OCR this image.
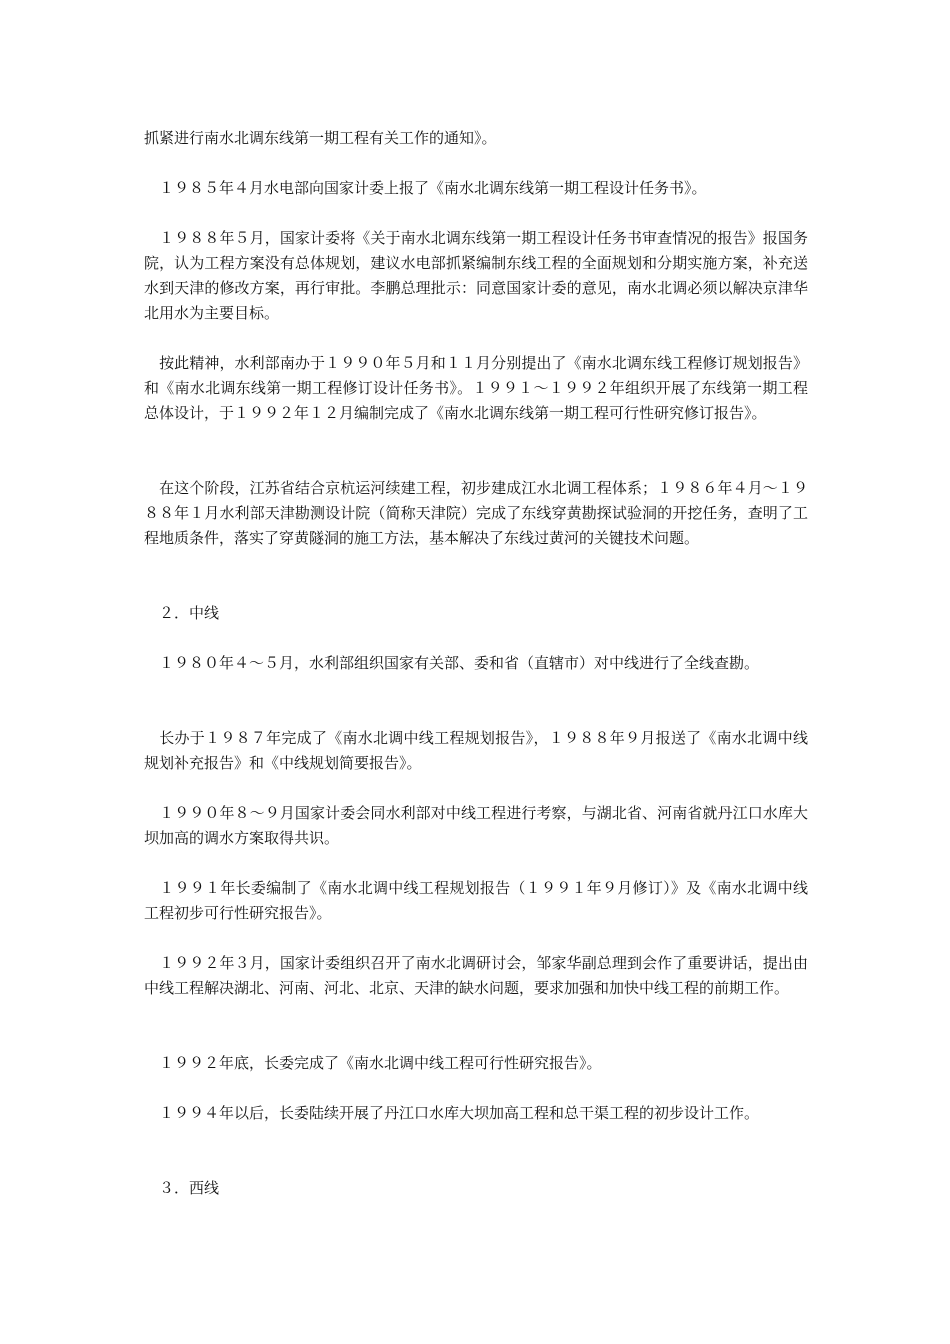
抓紧进行南水北调东线第一期工程有关工作的通知》。

　１９８５年４月水电部向国家计委上报了《南水北调东线第一期工程设计任务书》。

　１９８８年５月，国家计委将《关于南水北调东线第一期工程设计任务书审查情况的报告》报国务院，认为工程方案没有总体规划，建议水电部抓紧编制东线工程的全面规划和分期实施方案，补充送水到天津的修改方案，再行审批。李鹏总理批示：同意国家计委的意见，南水北调必须以解决京津华北用水为主要目标。

　按此精神，水利部南办于１９９０年５月和１１月分别提出了《南水北调东线工程修订规划报告》和《南水北调东线第一期工程修订设计任务书》。１９９１～１９９２年组织开展了东线第一期工程总体设计，于１９９２年１２月编制完成了《南水北调东线第一期工程可行性研究修订报告》。

　在这个阶段，江苏省结合京杭运河续建工程，初步建成江水北调工程体系；１９８６年４月～１９８８年１月水利部天津勘测设计院（简称天津院）完成了东线穿黄勘探试验洞的开挖任务，查明了工程地质条件，落实了穿黄隧洞的施工方法，基本解决了东线过黄河的关键技术问题。

　２．中线

　１９８０年４～５月，水利部组织国家有关部、委和省（直辖市）对中线进行了全线查勘。

　长办于１９８７年完成了《南水北调中线工程规划报告》，１９８８年９月报送了《南水北调中线规划补充报告》和《中线规划简要报告》。

　１９９０年８～９月国家计委会同水利部对中线工程进行考察，与湖北省、河南省就丹江口水库大坝加高的调水方案取得共识。

　１９９１年长委编制了《南水北调中线工程规划报告（１９９１年９月修订）》及《南水北调中线工程初步可行性研究报告》。

　１９９２年３月，国家计委组织召开了南水北调研讨会，邹家华副总理到会作了重要讲话，提出由中线工程解决湖北、河南、河北、北京、天津的缺水问题，要求加强和加快中线工程的前期工作。

　１９９２年底，长委完成了《南水北调中线工程可行性研究报告》。

　１９９４年以后，长委陆续开展了丹江口水库大坝加高工程和总干渠工程的初步设计工作。

　３．西线
